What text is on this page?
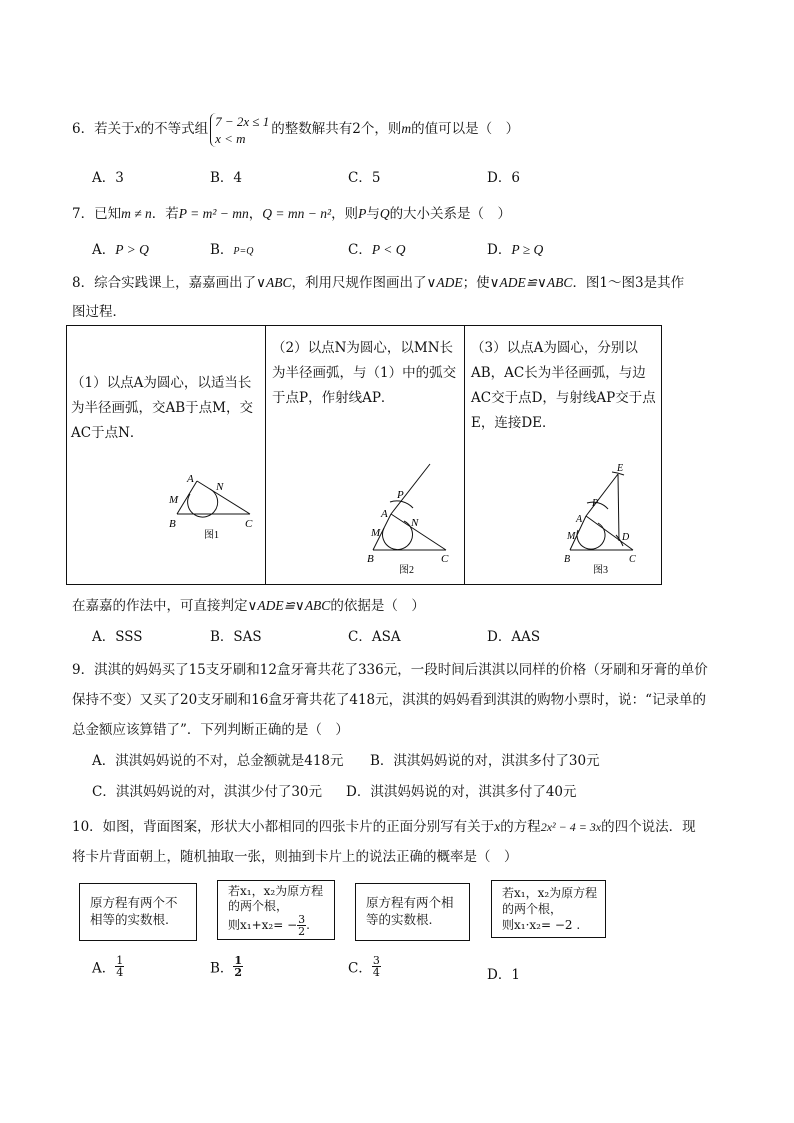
6．若关于x的不等式组 7 − 2x ≤ 1
x < m的整数解共有2个，则m的值可以是（　）
A．3	B．4	C．5	D．6
7．已知m ≠ n．若P = m² − mn，Q = mn − n²，则P与Q的大小关系是（　）
A．P > Q	B．P=Q	C．P < Q	D．P ≥ Q
8．综合实践课上，嘉嘉画出了∨ABC，利用尺规作图画出了∨ADE；使∨ADE≌∨ABC．图1～图3是其作
图过程．
（1）以点A为圆心，以适当长为半径画弧，交AB于点M，交AC于点N．
A
M
N
B	C
图1
（2）以点N为圆心，以MN长为半径画弧，与（1）中的弧交于点P，作射线AP．
P
A
M
N
B	C
图2
（3）以点A为圆心，分别以AB，AC长为半径画弧，与边AC交于点D，与射线AP交于点E，连接DE．
E
P
A
M	D
B	C
图3
在嘉嘉的作法中，可直接判定∨ADE≌∨ABC的依据是（　）
A．SSS	B．SAS	C．ASA	D．AAS
9．淇淇的妈妈买了15支牙刷和12盒牙膏共花了336元，一段时间后淇淇以同样的价格（牙刷和牙膏的单价
保持不变）又买了20支牙刷和16盒牙膏共花了418元，淇淇的妈妈看到淇淇的购物小票时，说：“记录单的
总金额应该算错了”．下列判断正确的是（　）
A．淇淇妈妈说的不对，总金额就是418元 B．淇淇妈妈说的对，淇淇多付了30元
C．淇淇妈妈说的对，淇淇少付了30元 D．淇淇妈妈说的对，淇淇多付了40元
10．如图，背面图案，形状大小都相同的四张卡片的正面分别写有关于x的方程2x² − 4 = 3x的四个说法．现
将卡片背面朝上，随机抽取一张，则抽到卡片上的说法正确的概率是（　）
原方程有两个不
相等的实数根.
若x₁，x₂为原方程
的两个根，
则$x_1+x_2= - \frac{3}{2}$ .
原方程有两个相
等的实数根.
若x₁，x₂为原方程
的两个根，
则x₁·x₂= −2 .
A． $\frac{1}{4}$	B． $\frac{1}{2}$	C． $\frac{3}{4}$	D．1
